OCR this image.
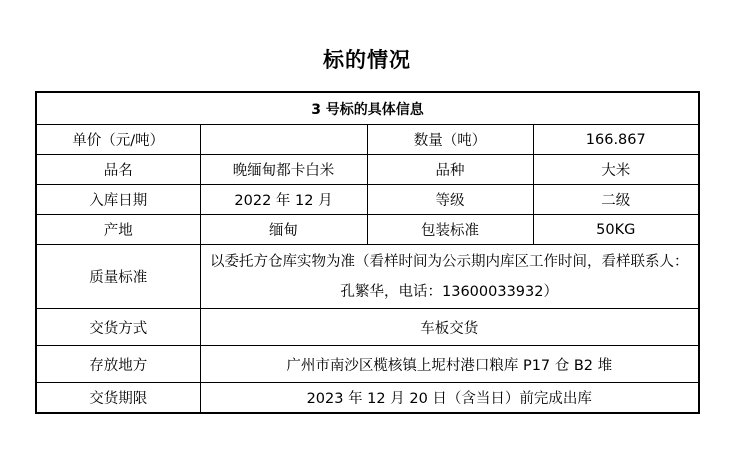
标的情况
3 号标的具体信息			
单价（元/吨）		数量（吨）	166.867
品名	晚缅甸都卡白米	品种	大米
入库日期	2022 年 12 月	等级	二级
产地	缅甸	包装标准	50KG
质量标准	以委托方仓库实物为准（看样时间为公示期内库区工作时间，看样联系人：孔繁华，电话：13600033932）		
交货方式	车板交货		
存放地方	广州市南沙区榄核镇上坭村港口粮库 P17 仓 B2 堆		
交货期限	2023 年 12 月 20 日（含当日）前完成出库		
